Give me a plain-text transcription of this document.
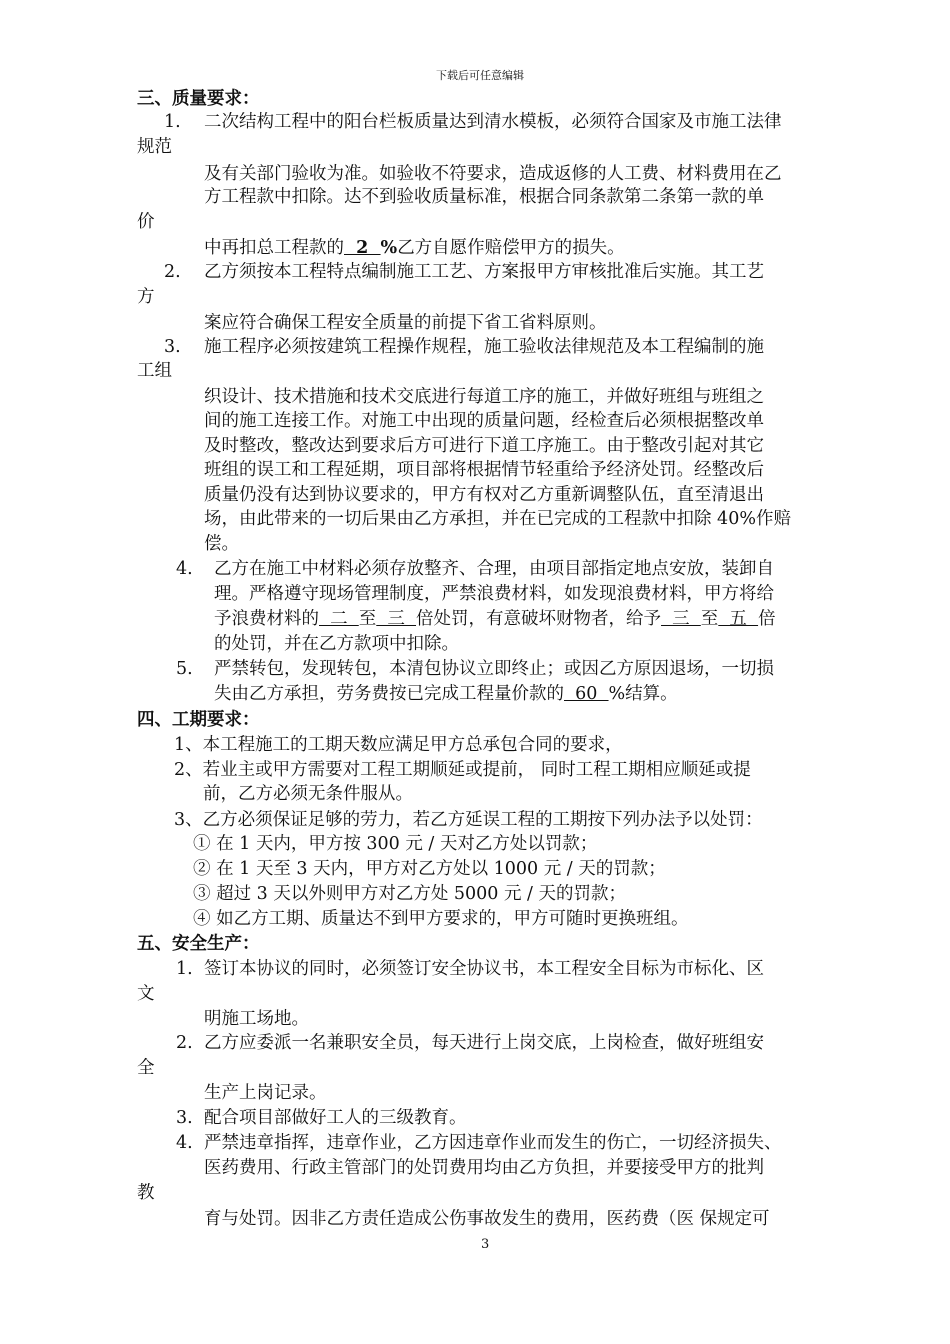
下载后可任意编辑
三、质量要求：
1. 二次结构工程中的阳台栏板质量达到清水模板，必须符合国家及市施工法律
规范
及有关部门验收为准。如验收不符要求，造成返修的人工费、材料费用在乙
方工程款中扣除。达不到验收质量标准，根据合同条款第二条第一款的单
价
中再扣总工程款的  2  %乙方自愿作赔偿甲方的损失。
2. 乙方须按本工程特点编制施工工艺、方案报甲方审核批准后实施。其工艺
方
案应符合确保工程安全质量的前提下省工省料原则。
3. 施工程序必须按建筑工程操作规程，施工验收法律规范及本工程编制的施
工组
织设计、技术措施和技术交底进行每道工序的施工，并做好班组与班组之
间的施工连接工作。对施工中出现的质量问题，经检查后必须根据整改单
及时整改，整改达到要求后方可进行下道工序施工。由于整改引起对其它
班组的误工和工程延期，项目部将根据情节轻重给予经济处罚。经整改后
质量仍没有达到协议要求的，甲方有权对乙方重新调整队伍，直至清退出
场，由此带来的一切后果由乙方承担，并在已完成的工程款中扣除 40%作赔
偿。
4. 乙方在施工中材料必须存放整齐、合理，由项目部指定地点安放，装卸自
理。严格遵守现场管理制度，严禁浪费材料，如发现浪费材料，甲方将给
予浪费材料的  二  至  三  倍处罚，有意破坏财物者，给予  三  至  五  倍
的处罚，并在乙方款项中扣除。
5. 严禁转包，发现转包，本清包协议立即终止；或因乙方原因退场，一切损
失由乙方承担，劳务费按已完成工程量价款的  60  %结算。
四、工期要求：
1、本工程施工的工期天数应满足甲方总承包合同的要求，
2、若业主或甲方需要对工程工期顺延或提前， 同时工程工期相应顺延或提
前，乙方必须无条件服从。
3、乙方必须保证足够的劳力，若乙方延误工程的工期按下列办法予以处罚：
① 在 1 天内，甲方按 300 元 / 天对乙方处以罚款；
② 在 1 天至 3 天内，甲方对乙方处以 1000 元 / 天的罚款；
③ 超过 3 天以外则甲方对乙方处 5000 元 / 天的罚款；
④ 如乙方工期、质量达不到甲方要求的，甲方可随时更换班组。
五、安全生产：
1. 签订本协议的同时，必须签订安全协议书，本工程安全目标为市标化、区
文
明施工场地。
2. 乙方应委派一名兼职安全员，每天进行上岗交底，上岗检查，做好班组安
全
生产上岗记录。
3. 配合项目部做好工人的三级教育。
4. 严禁违章指挥，违章作业，乙方因违章作业而发生的伤亡，一切经济损失、
医药费用、行政主管部门的处罚费用均由乙方负担，并要接受甲方的批判
教
育与处罚。因非乙方责任造成公伤事故发生的费用，医药费（医 保规定可
3
